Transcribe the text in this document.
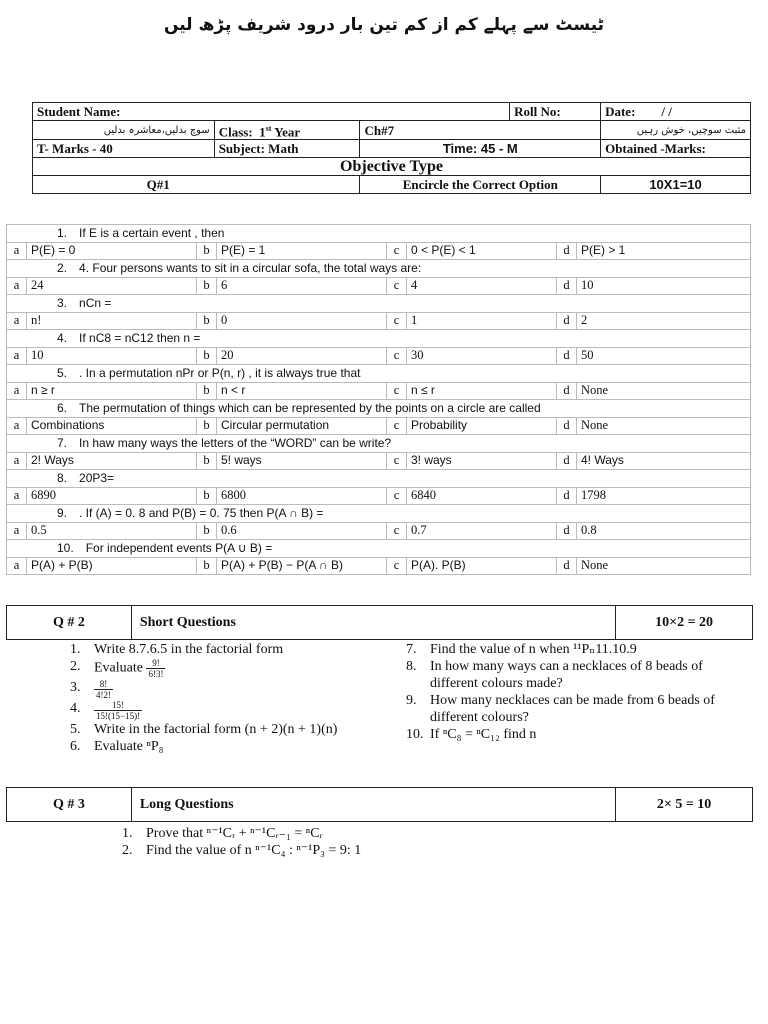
ٹیسٹ سے پہلے کم از کم تین بار درود شریف پڑھ لیں
Student Name:			Roll No:	Date: / /
سوچ بدلیں،معاشرہ بدلیں	Class: 1st Year	Ch#7		مثبت سوچیں، خوش رہیں
T- Marks - 40	Subject: Math	Time: 45 - M		Obtained -Marks:
Objective Type				
Q#1		Encircle the Correct Option		10X1=10
1. If E is a certain event , then							
a	P(E) = 0	b	P(E) = 1	c	0 < P(E) < 1	d	P(E) > 1
2. 4. Four persons wants to sit in a circular sofa, the total ways are:							
a	24	b	6	c	4	d	10
3. nCn =							
a	n!	b	0	c	1	d	2
4. If nC8 = nC12 then n =							
a	10	b	20	c	30	d	50
5. . In a permutation nPr or P(n, r) , it is always true that							
a	n ≥ r	b	n < r	c	n ≤ r	d	None
6. The permutation of things which can be represented by the points on a circle are called							
a	Combinations	b	Circular permutation	c	Probability	d	None
7. In haw many ways the letters of the “WORD” can be write?							
a	2! Ways	b	5! ways	c	3! ways	d	4! Ways
8. 20P3=							
a	6890	b	6800	c	6840	d	1798
9. . If (A) = 0. 8 and P(B) = 0. 75 then P(A ∩ B) =							
a	0.5	b	0.6	c	0.7	d	0.8
10. For independent events P(A ∪ B) =							
a	P(A) + P(B)	b	P(A) + P(B) − P(A ∩ B)	c	P(A). P(B)	d	None
Q # 2	Short Questions	10×2 = 20
1. Write 8.7.6.5 in the factorial form
2. Evaluate $\frac{9!}{6!3!}$
3. $\frac{8!}{4!2!}$
4. $\frac{15!}{15!(15-15)!}$
5. Write in the factorial form (n + 2)(n + 1)(n)
6. Evaluate ⁿP₈
7. Find the value of n when ¹¹Pₙ11.10.9
8. In how many ways can a necklaces of 8 beads of different colours made?
9. How many necklaces can be made from 6 beads of different colours?
10. If ⁿC₈ = ⁿC₁₂ find n
Q # 3	Long Questions	2× 5 = 10
1. Prove that ⁿ⁻¹Cᵣ + ⁿ⁻¹Cᵣ₋₁ = ⁿCᵣ
2. Find the value of n ⁿ⁻¹C₄ : ⁿ⁻¹P₃ = 9: 1
